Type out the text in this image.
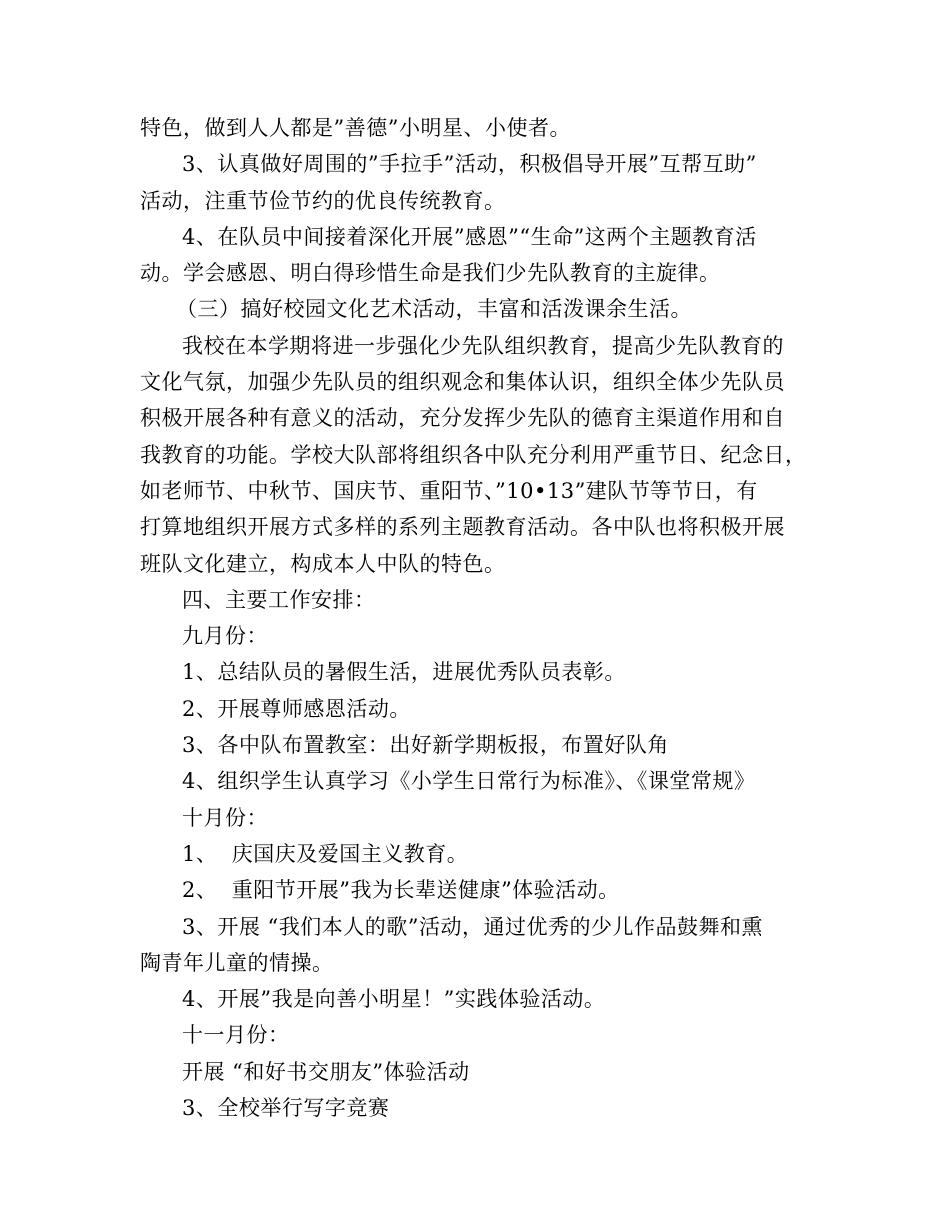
特色，做到人人都是”善德”小明星、小使者。
3、认真做好周围的”手拉手”活动，积极倡导开展”互帮互助”
活动，注重节俭节约的优良传统教育。
4、在队员中间接着深化开展”感恩”“生命”这两个主题教育活
动。学会感恩、明白得珍惜生命是我们少先队教育的主旋律。
（三）搞好校园文化艺术活动，丰富和活泼课余生活。
我校在本学期将进一步强化少先队组织教育，提高少先队教育的
文化气氛，加强少先队员的组织观念和集体认识，组织全体少先队员
积极开展各种有意义的活动，充分发挥少先队的德育主渠道作用和自
我教育的功能。学校大队部将组织各中队充分利用严重节日、纪念日，
如老师节、中秋节、国庆节、重阳节、”10•13”建队节等节日，有
打算地组织开展方式多样的系列主题教育活动。各中队也将积极开展
班队文化建立，构成本人中队的特色。
四、主要工作安排：
九月份：
1、总结队员的暑假生活，进展优秀队员表彰。
2、开展尊师感恩活动。
3、各中队布置教室：出好新学期板报，布置好队角
4、组织学生认真学习《小学生日常行为标准》、《课堂常规》
十月份：
1、  庆国庆及爱国主义教育。
2、  重阳节开展”我为长辈送健康”体验活动。
3、开展 “我们本人的歌”活动，通过优秀的少儿作品鼓舞和熏
陶青年儿童的情操。
4、开展”我是向善小明星！”实践体验活动。
十一月份：
开展 “和好书交朋友”体验活动
3、全校举行写字竞赛
